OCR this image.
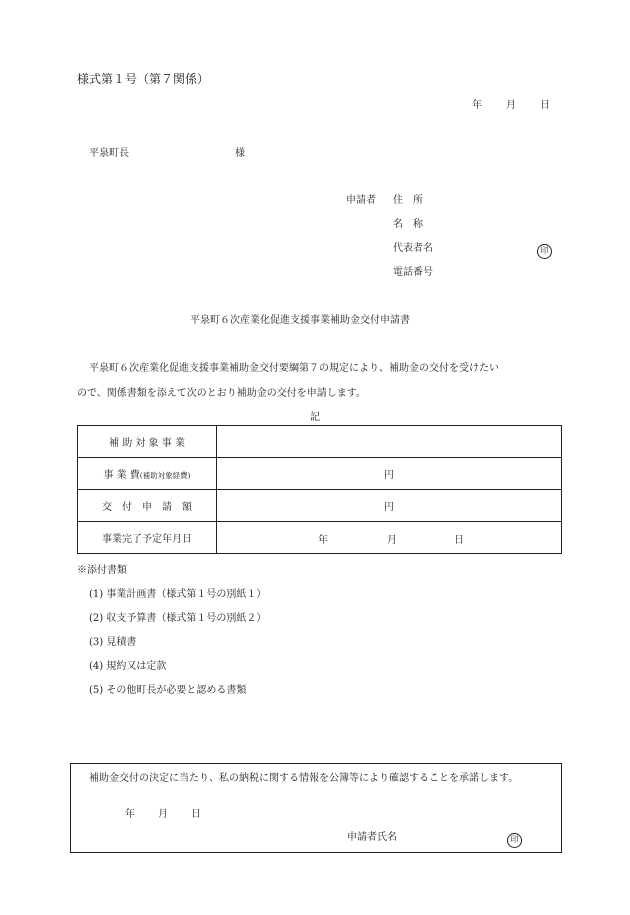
様式第１号（第７関係）
年 月 日
平泉町長	様
申請者 住　所
名　称
代表者名	印
電話番号
平泉町６次産業化促進支援事業補助金交付申請書
平泉町６次産業化促進支援事業補助金交付要綱第７の規定により、補助金の交付を受けたい
ので、関係書類を添えて次のとおり補助金の交付を申請します。
記
補 助 対 象 事 業	
事 業 費(補助対象経費)	円
交　付　申　請　額	円
事業完了予定年月日	年 月 日
※添付書類
(1) 事業計画書（様式第１号の別紙１）
(2) 収支予算書（様式第１号の別紙２）
(3) 見積書
(4) 規約又は定款
(5) その他町長が必要と認める書類
補助金交付の決定に当たり、私の納税に関する情報を公簿等により確認することを承諾します。
年 月 日
申請者氏名	印
